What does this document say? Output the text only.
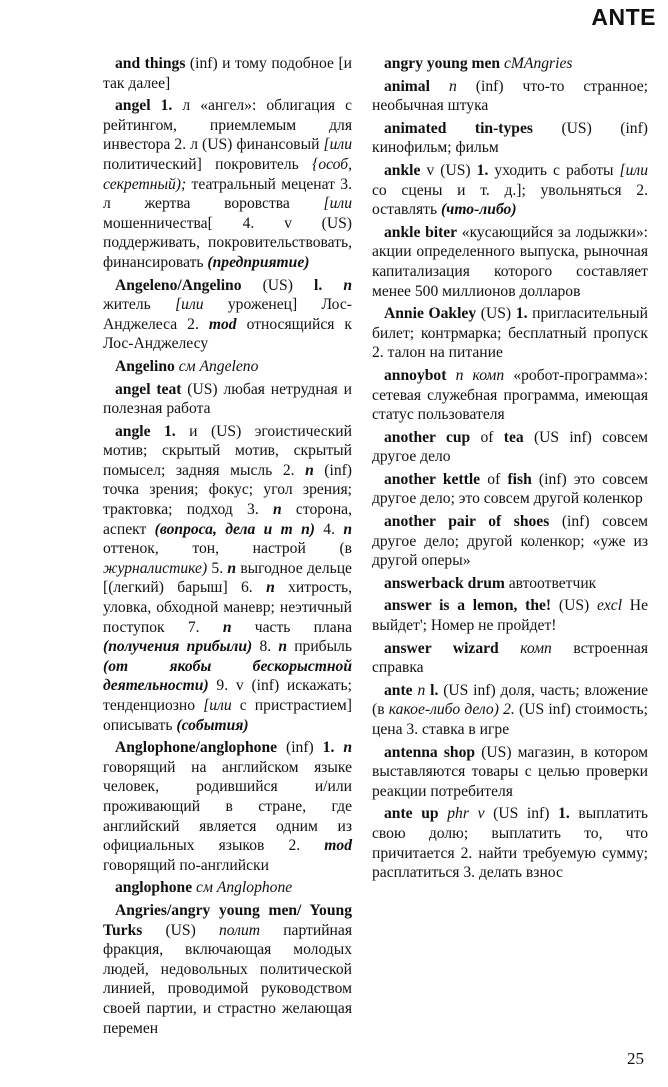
ANTE

and things (inf) и тому подобное [и так далее]

angel 1. л «ангел»: облигация с рейтингом, приемлемым для инвестора 2. л (US) финансовый [или политический] покровитель {особ, секретный); театральный меценат 3. л жертва воровства [или мошенничества[ 4. v (US) поддерживать, покровительствовать, финансировать (предприятие)

Angeleno/Angelino (US) l. n житель [или уроженец] Лос-Анджелеса 2. mod относящийся к Лос-Анджелесу

Angelino см Angeleno

angel teat (US) любая нетрудная и полезная работа

angle 1. и (US) эгоистический мотив; скрытый мотив, скрытый помысел; задняя мысль 2. n (inf) точка зрения; фокус; угол зрения; трактовка; подход 3. n сторона, аспект (вопроса, дела и т п) 4. n оттенок, тон, настрой (в журналистике) 5. n выгодное дельце [(легкий) барыш] 6. n хитрость, уловка, обходной маневр; неэтичный поступок 7. n часть плана (получения прибыли) 8. n прибыль (от якобы бескорыстной деятельности) 9. v (inf) искажать; тенденциозно [или с пристрастием] описывать (события)

Anglophone/anglophone (inf) 1. n говорящий на английском языке человек, родившийся и/или проживающий в стране, где английский является одним из официальных языков 2. mod говорящий по-английски

anglophone см Anglophone

Angries/angry young men/ Young Turks (US) полит партийная фракция, включающая молодых людей, недовольных политической линией, проводимой руководством своей партии, и страстно желающая перемен

angry young men cMAngries

animal n (inf) что-то странное; необычная штука

animated tin-types (US) (inf) кинофильм; фильм

ankle v (US) 1. уходить с работы [или со сцены и т. д.]; увольняться 2. оставлять (что-либо)

ankle biter «кусающийся за лодыжки»: акции определенного выпуска, рыночная капитализация которого составляет менее 500 миллионов долларов

Annie Oakley (US) 1. пригласительный билет; контрмарка; бесплатный пропуск 2. талон на питание

annoybot n комп «робот-программа»: сетевая служебная программа, имеющая статус пользователя

another cup of tea (US inf) совсем другое дело

another kettle of fish (inf) это совсем другое дело; это совсем другой коленкор

another pair of shoes (inf) совсем другое дело; другой коленкор; «уже из другой оперы»

answerback drum автоответчик

answer is a lemon, the! (US) excl Не выйдет'; Номер не пройдет!

answer wizard комп встроенная справка

ante n l. (US inf) доля, часть; вложение (в какое-либо дело) 2. (US inf) стоимость; цена 3. ставка в игре

antenna shop (US) магазин, в котором выставляются товары с целью проверки реакции потребителя

ante up phr v (US inf) 1. выплатить свою долю; выплатить то, что причитается 2. найти требуемую сумму; расплатиться 3. делать взнос

25
